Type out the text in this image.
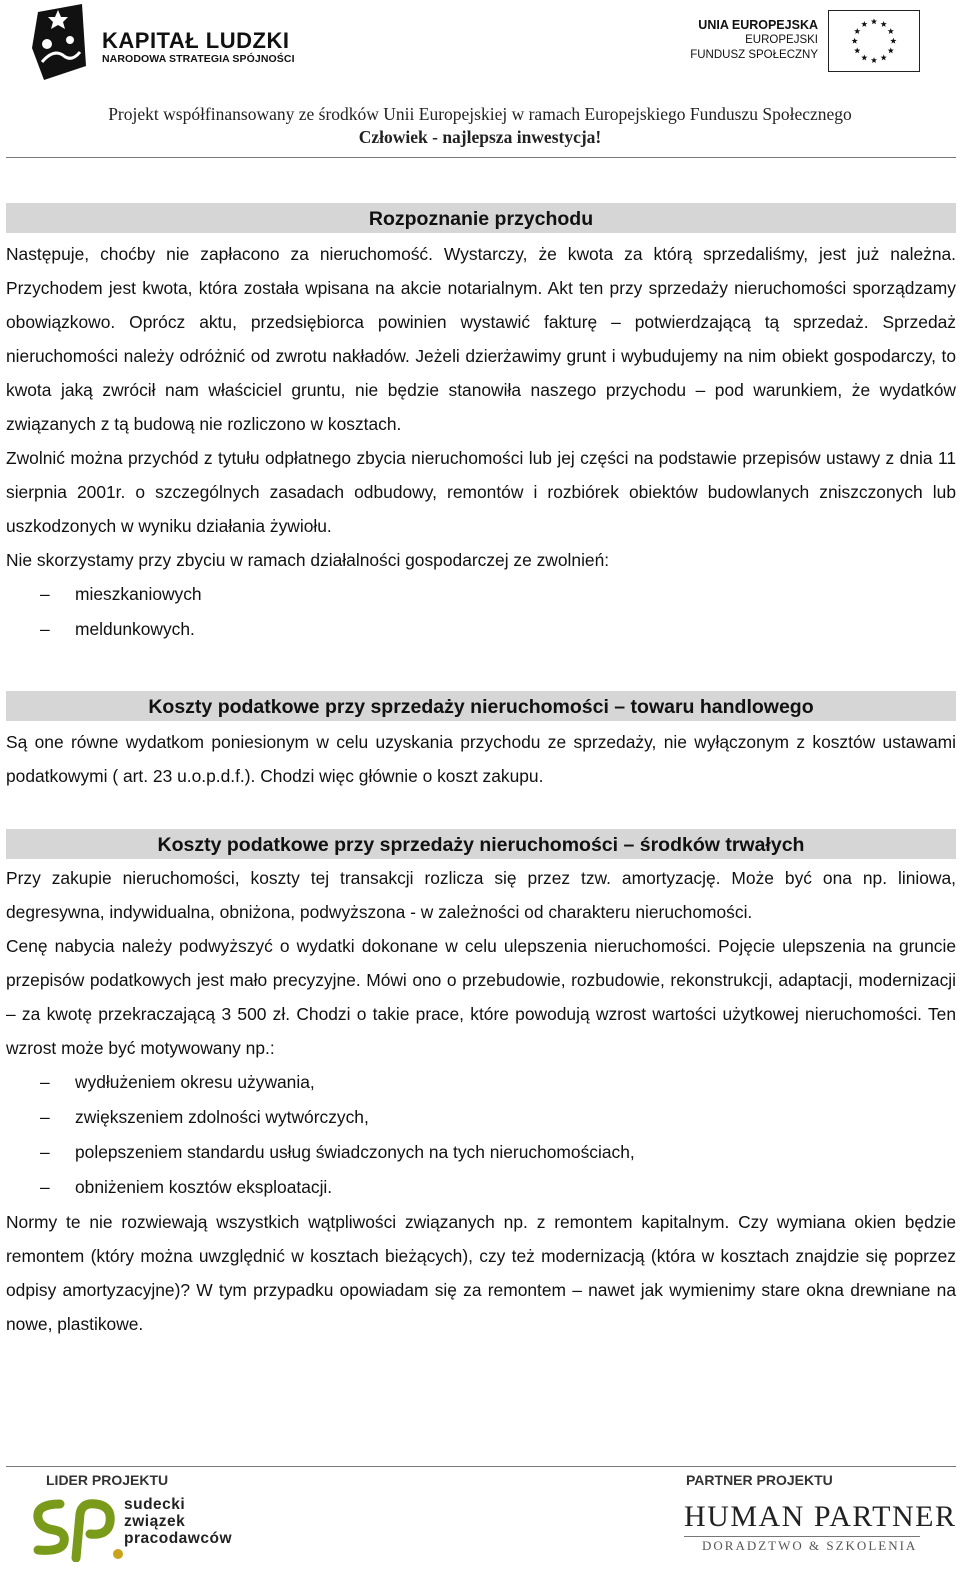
KAPITAŁ LUDZKI
NARODOWA STRATEGIA SPÓJNOŚCI
UNIA EUROPEJSKA
EUROPEJSKI
FUNDUSZ SPOŁECZNY
Projekt współfinansowany ze środków Unii Europejskiej w ramach Europejskiego Funduszu Społecznego
Człowiek - najlepsza inwestycja!
Rozpoznanie przychodu

Następuje, choćby nie zapłacono za nieruchomość. Wystarczy, że kwota za którą sprzedaliśmy, jest już należna. Przychodem jest kwota, która została wpisana na akcie notarialnym. Akt ten przy sprzedaży nieruchomości sporządzamy obowiązkowo. Oprócz aktu, przedsiębiorca powinien wystawić fakturę – potwierdzającą tą sprzedaż. Sprzedaż nieruchomości należy odróżnić od zwrotu nakładów. Jeżeli dzierżawimy grunt i wybudujemy na nim obiekt gospodarczy, to kwota jaką zwrócił nam właściciel gruntu, nie będzie stanowiła naszego przychodu – pod warunkiem, że wydatków związanych z tą budową nie rozliczono w kosztach.

Zwolnić można przychód z tytułu odpłatnego zbycia nieruchomości lub jej części na podstawie przepisów ustawy z dnia 11 sierpnia 2001r. o szczególnych zasadach odbudowy, remontów i rozbiórek obiektów budowlanych zniszczonych lub uszkodzonych w wyniku działania żywiołu.

Nie skorzystamy przy zbyciu w ramach działalności gospodarczej ze zwolnień:

– mieszkaniowych
– meldunkowych.
Koszty podatkowe przy sprzedaży nieruchomości – towaru handlowego

Są one równe wydatkom poniesionym w celu uzyskania przychodu ze sprzedaży, nie wyłączonym z kosztów ustawami podatkowymi ( art. 23 u.o.p.d.f.). Chodzi więc głównie o koszt zakupu.

Koszty podatkowe przy sprzedaży nieruchomości – środków trwałych

Przy zakupie nieruchomości, koszty tej transakcji rozlicza się przez tzw. amortyzację. Może być ona np. liniowa, degresywna, indywidualna, obniżona, podwyższona - w zależności od charakteru nieruchomości.

Cenę nabycia należy podwyższyć o wydatki dokonane w celu ulepszenia nieruchomości. Pojęcie ulepszenia na gruncie przepisów podatkowych jest mało precyzyjne. Mówi ono o przebudowie, rozbudowie, rekonstrukcji, adaptacji, modernizacji – za kwotę przekraczającą 3 500 zł. Chodzi o takie prace, które powodują wzrost wartości użytkowej nieruchomości. Ten wzrost może być motywowany np.:

– wydłużeniem okresu używania,
– zwiększeniem zdolności wytwórczych,
– polepszeniem standardu usług świadczonych na tych nieruchomościach,
– obniżeniem kosztów eksploatacji.

Normy te nie rozwiewają wszystkich wątpliwości związanych np. z remontem kapitalnym. Czy wymiana okien będzie remontem (który można uwzględnić w kosztach bieżących), czy też modernizacją (która w kosztach znajdzie się poprzez odpisy amortyzacyjne)? W tym przypadku opowiadam się za remontem – nawet jak wymienimy stare okna drewniane na nowe, plastikowe.

LIDER PROJEKTU	PARTNER PROJEKTU
sudecki
związek
pracodawców
HUMAN PARTNER
DORADZTWO & SZKOLENIA
